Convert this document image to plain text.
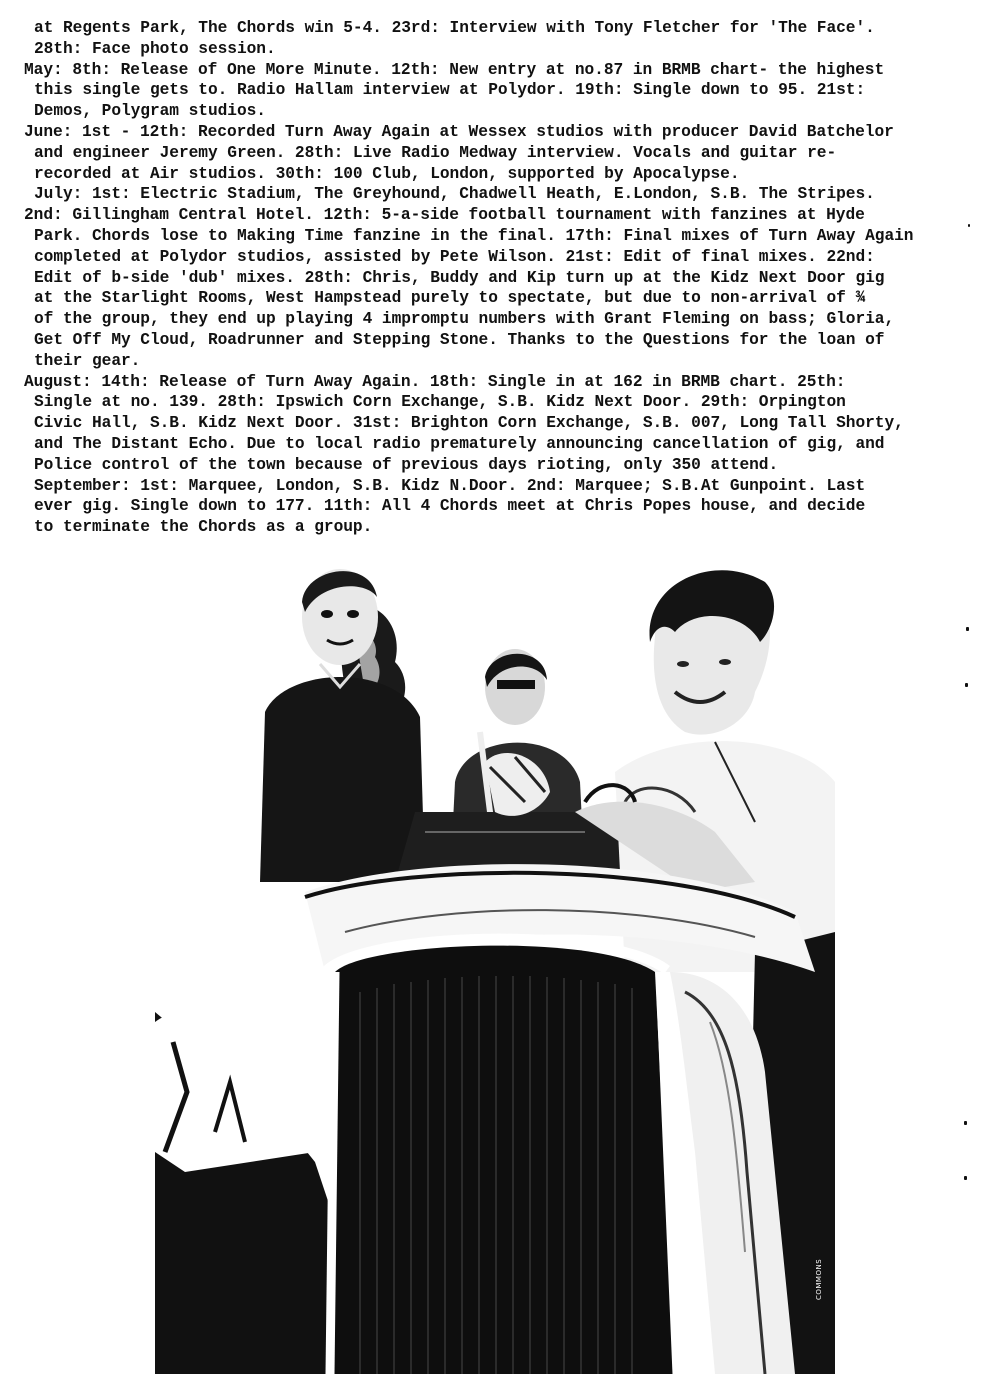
at Regents Park, The Chords win 5-4. 23rd: Interview with Tony Fletcher for 'The Face'.
28th: Face photo session.
May: 8th: Release of One More Minute. 12th: New entry at no.87 in BRMB chart- the highest
this single gets to. Radio Hallam interview at Polydor. 19th: Single down to 95. 21st:
Demos, Polygram studios.
June: 1st - 12th: Recorded Turn Away Again at Wessex studios with producer David Batchelor
and engineer Jeremy Green. 28th: Live Radio Medway interview. Vocals and guitar re-
recorded at Air studios. 30th: 100 Club, London, supported by Apocalypse.
July: 1st: Electric Stadium, The Greyhound, Chadwell Heath, E.London, S.B. The Stripes.
2nd: Gillingham Central Hotel. 12th: 5-a-side football tournament with fanzines at Hyde
Park. Chords lose to Making Time fanzine in the final. 17th: Final mixes of Turn Away Again
completed at Polydor studios, assisted by Pete Wilson. 21st: Edit of final mixes. 22nd:
Edit of b-side 'dub' mixes. 28th: Chris, Buddy and Kip turn up at the Kidz Next Door gig
at the Starlight Rooms, West Hampstead purely to spectate, but due to non-arrival of ¾
of the group, they end up playing 4 impromptu numbers with Grant Fleming on bass; Gloria,
Get Off My Cloud, Roadrunner and Stepping Stone. Thanks to the Questions for the loan of
their gear.
August: 14th: Release of Turn Away Again. 18th: Single in at 162 in BRMB chart. 25th:
Single at no. 139. 28th: Ipswich Corn Exchange, S.B. Kidz Next Door. 29th: Orpington
Civic Hall, S.B. Kidz Next Door. 31st: Brighton Corn Exchange, S.B. 007, Long Tall Shorty,
and The Distant Echo. Due to local radio prematurely announcing cancellation of gig, and
Police control of the town because of previous days rioting, only 350 attend.
September: 1st: Marquee, London, S.B. Kidz N.Door. 2nd: Marquee; S.B.At Gunpoint. Last
ever gig. Single down to 177. 11th: All 4 Chords meet at Chris Popes house, and decide
to terminate the Chords as a group.
COMMONS
